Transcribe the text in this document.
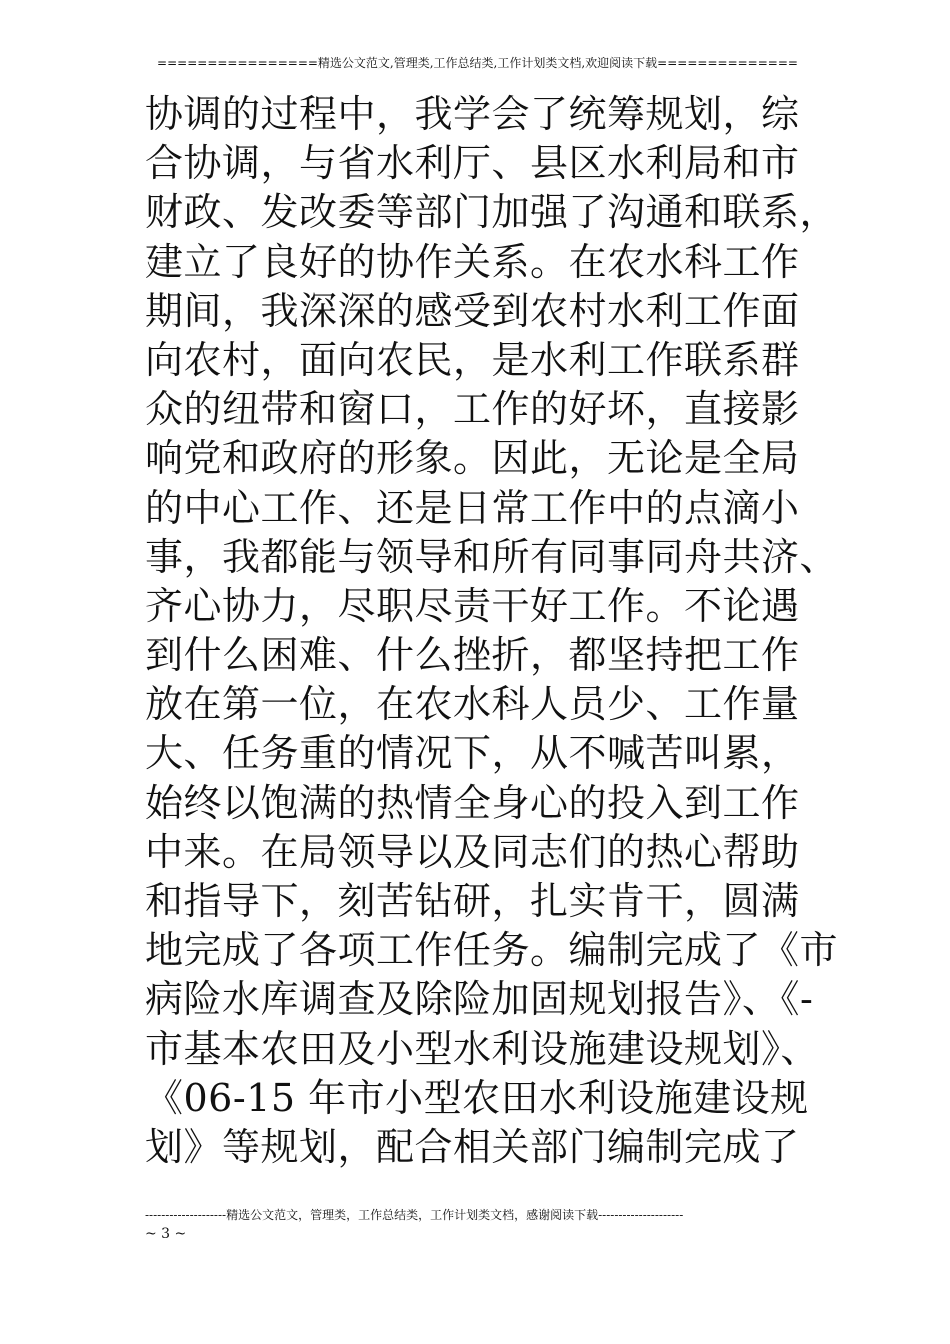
================精选公文范文,管理类,工作总结类,工作计划类文档,欢迎阅读下载==============
协调的过程中，我学会了统筹规划，综
合协调，与省水利厅、县区水利局和市
财政、发改委等部门加强了沟通和联系，
建立了良好的协作关系。在农水科工作
期间，我深深的感受到农村水利工作面
向农村，面向农民，是水利工作联系群
众的纽带和窗口，工作的好坏，直接影
响党和政府的形象。因此，无论是全局
的中心工作、还是日常工作中的点滴小
事，我都能与领导和所有同事同舟共济、
齐心协力，尽职尽责干好工作。不论遇
到什么困难、什么挫折，都坚持把工作
放在第一位，在农水科人员少、工作量
大、任务重的情况下，从不喊苦叫累，
始终以饱满的热情全身心的投入到工作
中来。在局领导以及同志们的热心帮助
和指导下，刻苦钻研，扎实肯干，圆满
地完成了各项工作任务。编制完成了《市
病险水库调查及除险加固规划报告》、《-
市基本农田及小型水利设施建设规划》、
《06-15 年市小型农田水利设施建设规
划》等规划，配合相关部门编制完成了
--------------------精选公文范文，管理类，工作总结类，工作计划类文档，感谢阅读下载---------------------
~ 3 ~
